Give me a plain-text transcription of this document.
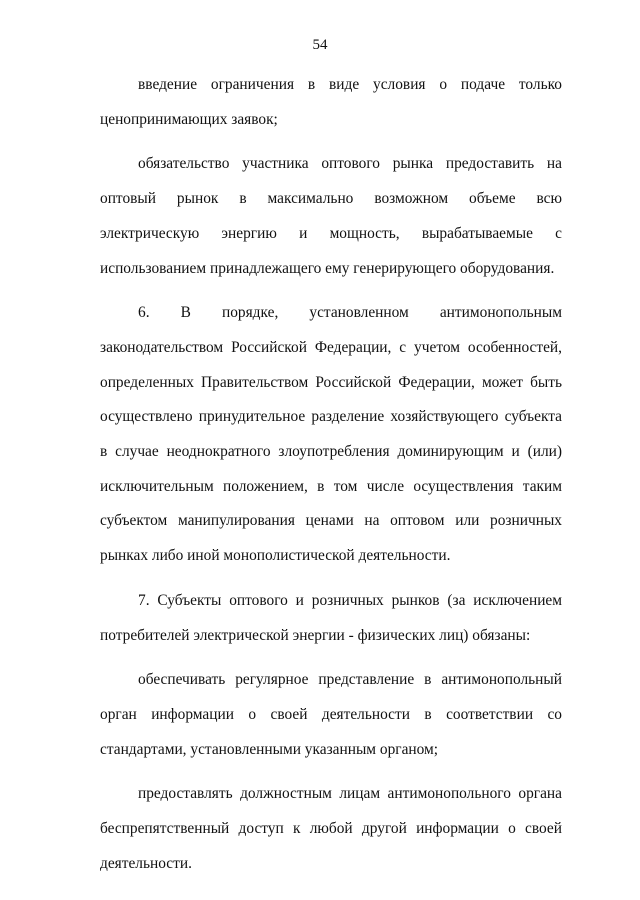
54

введение ограничения в виде условия о подаче только ценопринимающих заявок;

обязательство участника оптового рынка предоставить на оптовый рынок в максимально возможном объеме всю электрическую энергию и мощность, вырабатываемые с использованием принадлежащего ему генерирующего оборудования.

6. В порядке, установленном антимонопольным законодательством Российской Федерации, с учетом особенностей, определенных Правительством Российской Федерации, может быть осуществлено принудительное разделение хозяйствующего субъекта в случае неоднократного злоупотребления доминирующим и (или) исключительным положением, в том числе осуществления таким субъектом манипулирования ценами на оптовом или розничных рынках либо иной монополистической деятельности.

7. Субъекты оптового и розничных рынков (за исключением потребителей электрической энергии - физических лиц) обязаны:

обеспечивать регулярное представление в антимонопольный орган информации о своей деятельности в соответствии со стандартами, установленными указанным органом;

предоставлять должностным лицам антимонопольного органа беспрепятственный доступ к любой другой информации о своей деятельности.
